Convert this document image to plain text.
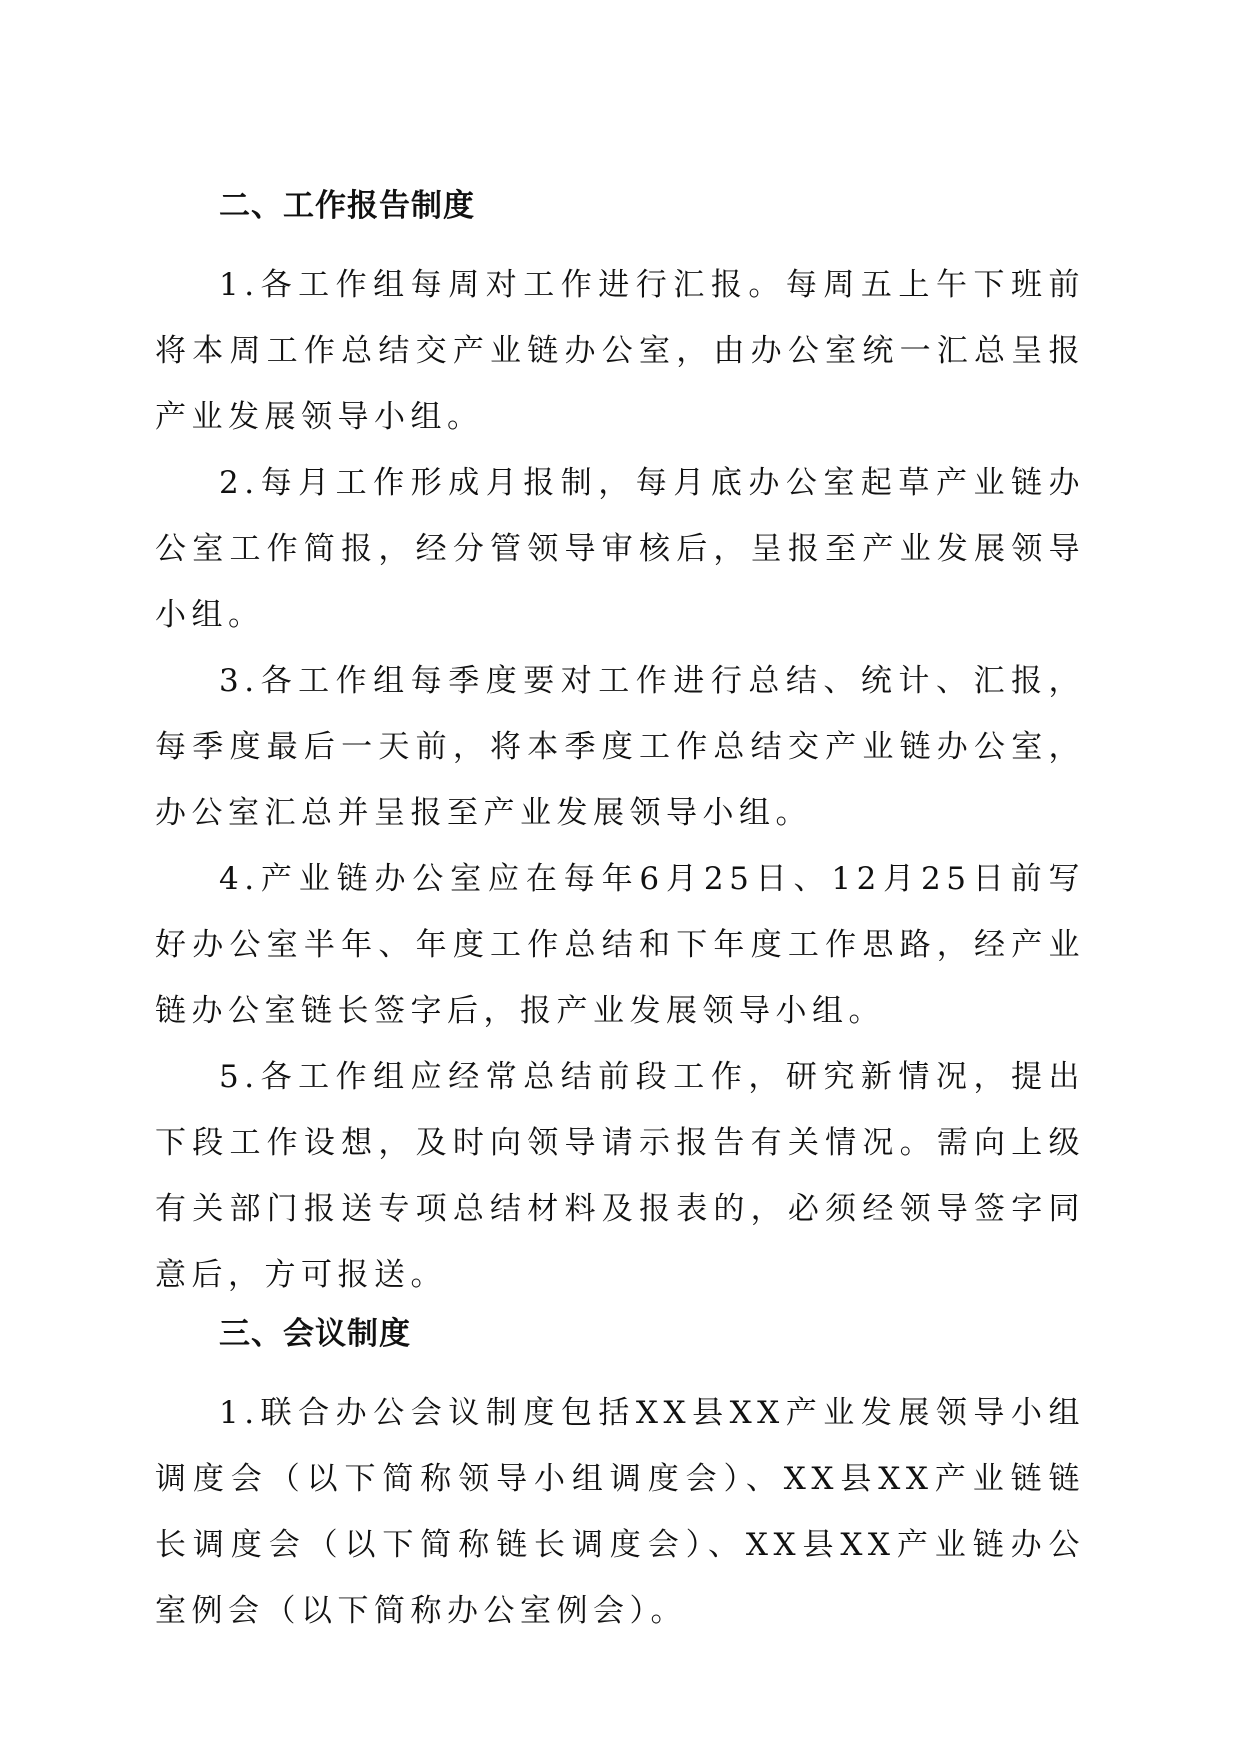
二、工作报告制度

1.各工作组每周对工作进行汇报。每周五上午下班前将本周工作总结交产业链办公室，由办公室统一汇总呈报产业发展领导小组。

2.每月工作形成月报制，每月底办公室起草产业链办公室工作简报，经分管领导审核后，呈报至产业发展领导小组。

3.各工作组每季度要对工作进行总结、统计、汇报，每季度最后一天前，将本季度工作总结交产业链办公室，办公室汇总并呈报至产业发展领导小组。

4.产业链办公室应在每年6月25日、12月25日前写好办公室半年、年度工作总结和下年度工作思路，经产业链办公室链长签字后，报产业发展领导小组。

5.各工作组应经常总结前段工作，研究新情况，提出下段工作设想，及时向领导请示报告有关情况。需向上级有关部门报送专项总结材料及报表的，必须经领导签字同意后，方可报送。

三、会议制度

1.联合办公会议制度包括XX县XX产业发展领导小组调度会（以下简称领导小组调度会）、XX县XX产业链链长调度会（以下简称链长调度会）、XX县XX产业链办公室例会（以下简称办公室例会）。
